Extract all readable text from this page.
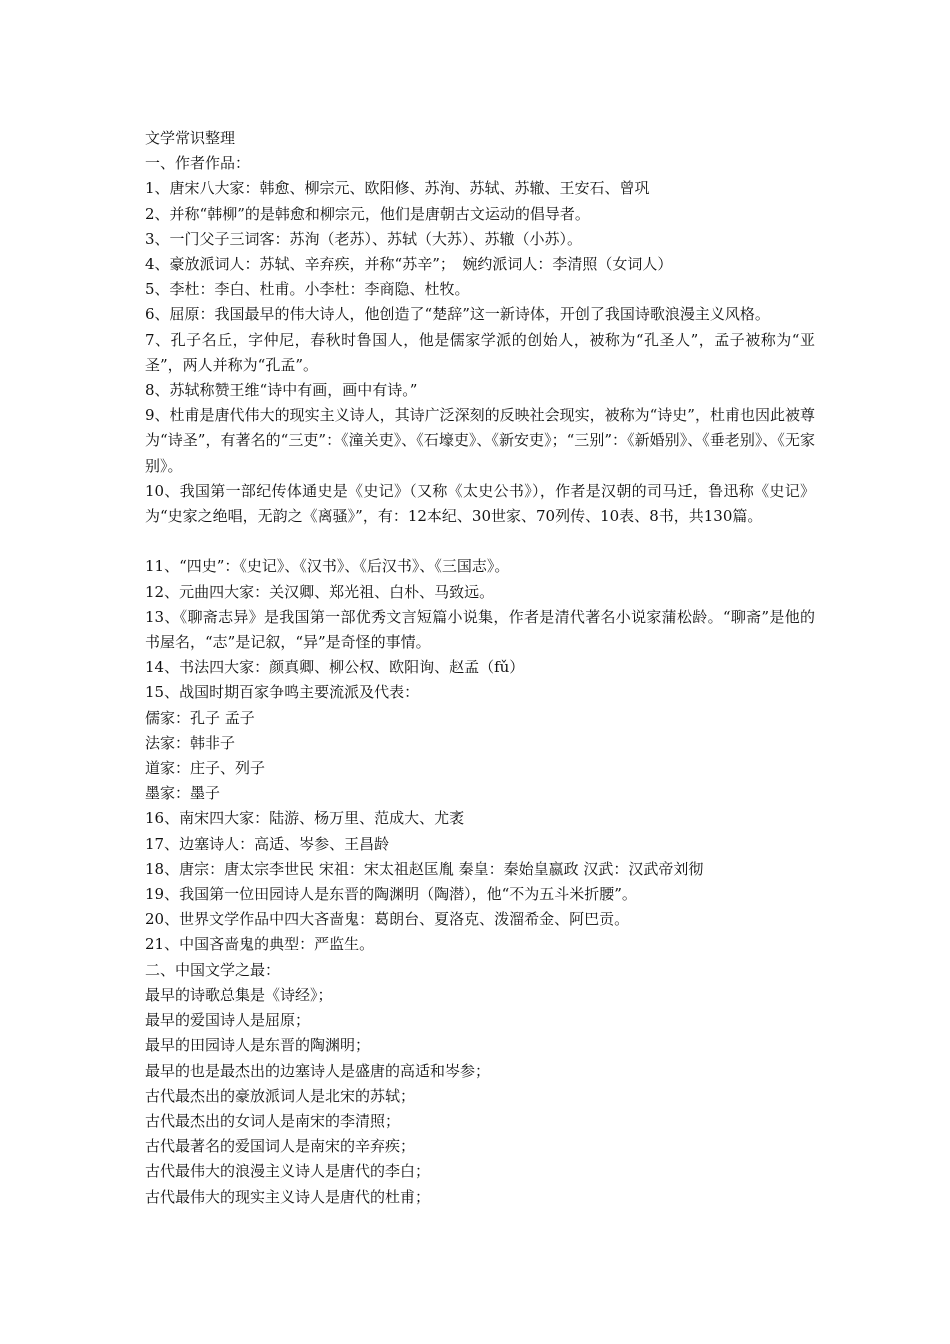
文学常识整理
一、作者作品：
1、唐宋八大家：韩愈、柳宗元、欧阳修、苏洵、苏轼、苏辙、王安石、曾巩
2、并称“韩柳”的是韩愈和柳宗元，他们是唐朝古文运动的倡导者。
3、一门父子三词客：苏洵（老苏）、苏轼（大苏）、苏辙（小苏）。
4、豪放派词人：苏轼、辛弃疾，并称“苏辛”；　婉约派词人：李清照（女词人）
5、李杜：李白、杜甫。小李杜：李商隐、杜牧。
6、屈原：我国最早的伟大诗人，他创造了“楚辞”这一新诗体，开创了我国诗歌浪漫主义风格。
7、孔子名丘，字仲尼，春秋时鲁国人，他是儒家学派的创始人，被称为“孔圣人”，孟子被称为“亚圣”，两人并称为“孔孟”。
8、苏轼称赞王维“诗中有画，画中有诗。”
9、杜甫是唐代伟大的现实主义诗人，其诗广泛深刻的反映社会现实，被称为“诗史”，杜甫也因此被尊为“诗圣”，有著名的“三吏”：《潼关吏》、《石壕吏》、《新安吏》；“三别”：《新婚别》、《垂老别》、《无家别》。
10、我国第一部纪传体通史是《史记》（又称《太史公书》），作者是汉朝的司马迁，鲁迅称《史记》为“史家之绝唱，无韵之《离骚》”，有：12本纪、30世家、70列传、10表、8书，共130篇。
11、“四史”：《史记》、《汉书》、《后汉书》、《三国志》。
12、元曲四大家：关汉卿、郑光祖、白朴、马致远。
13、《聊斋志异》是我国第一部优秀文言短篇小说集，作者是清代著名小说家蒲松龄。“聊斋”是他的书屋名，“志”是记叙，“异”是奇怪的事情。
14、书法四大家：颜真卿、柳公权、欧阳询、赵孟（fǔ）
15、战国时期百家争鸣主要流派及代表：
儒家：孔子 孟子
法家：韩非子
道家：庄子、列子
墨家：墨子
16、南宋四大家：陆游、杨万里、范成大、尤袤
17、边塞诗人：高适、岑参、王昌龄
18、唐宗：唐太宗李世民 宋祖：宋太祖赵匡胤 秦皇：秦始皇嬴政 汉武：汉武帝刘彻
19、我国第一位田园诗人是东晋的陶渊明（陶潜），他“不为五斗米折腰”。
20、世界文学作品中四大吝啬鬼：葛朗台、夏洛克、泼溜希金、阿巴贡。
21、中国吝啬鬼的典型：严监生。
二、中国文学之最：
最早的诗歌总集是《诗经》；
最早的爱国诗人是屈原；
最早的田园诗人是东晋的陶渊明；
最早的也是最杰出的边塞诗人是盛唐的高适和岑参；
古代最杰出的豪放派词人是北宋的苏轼；
古代最杰出的女词人是南宋的李清照；
古代最著名的爱国词人是南宋的辛弃疾；
古代最伟大的浪漫主义诗人是唐代的李白；
古代最伟大的现实主义诗人是唐代的杜甫；
